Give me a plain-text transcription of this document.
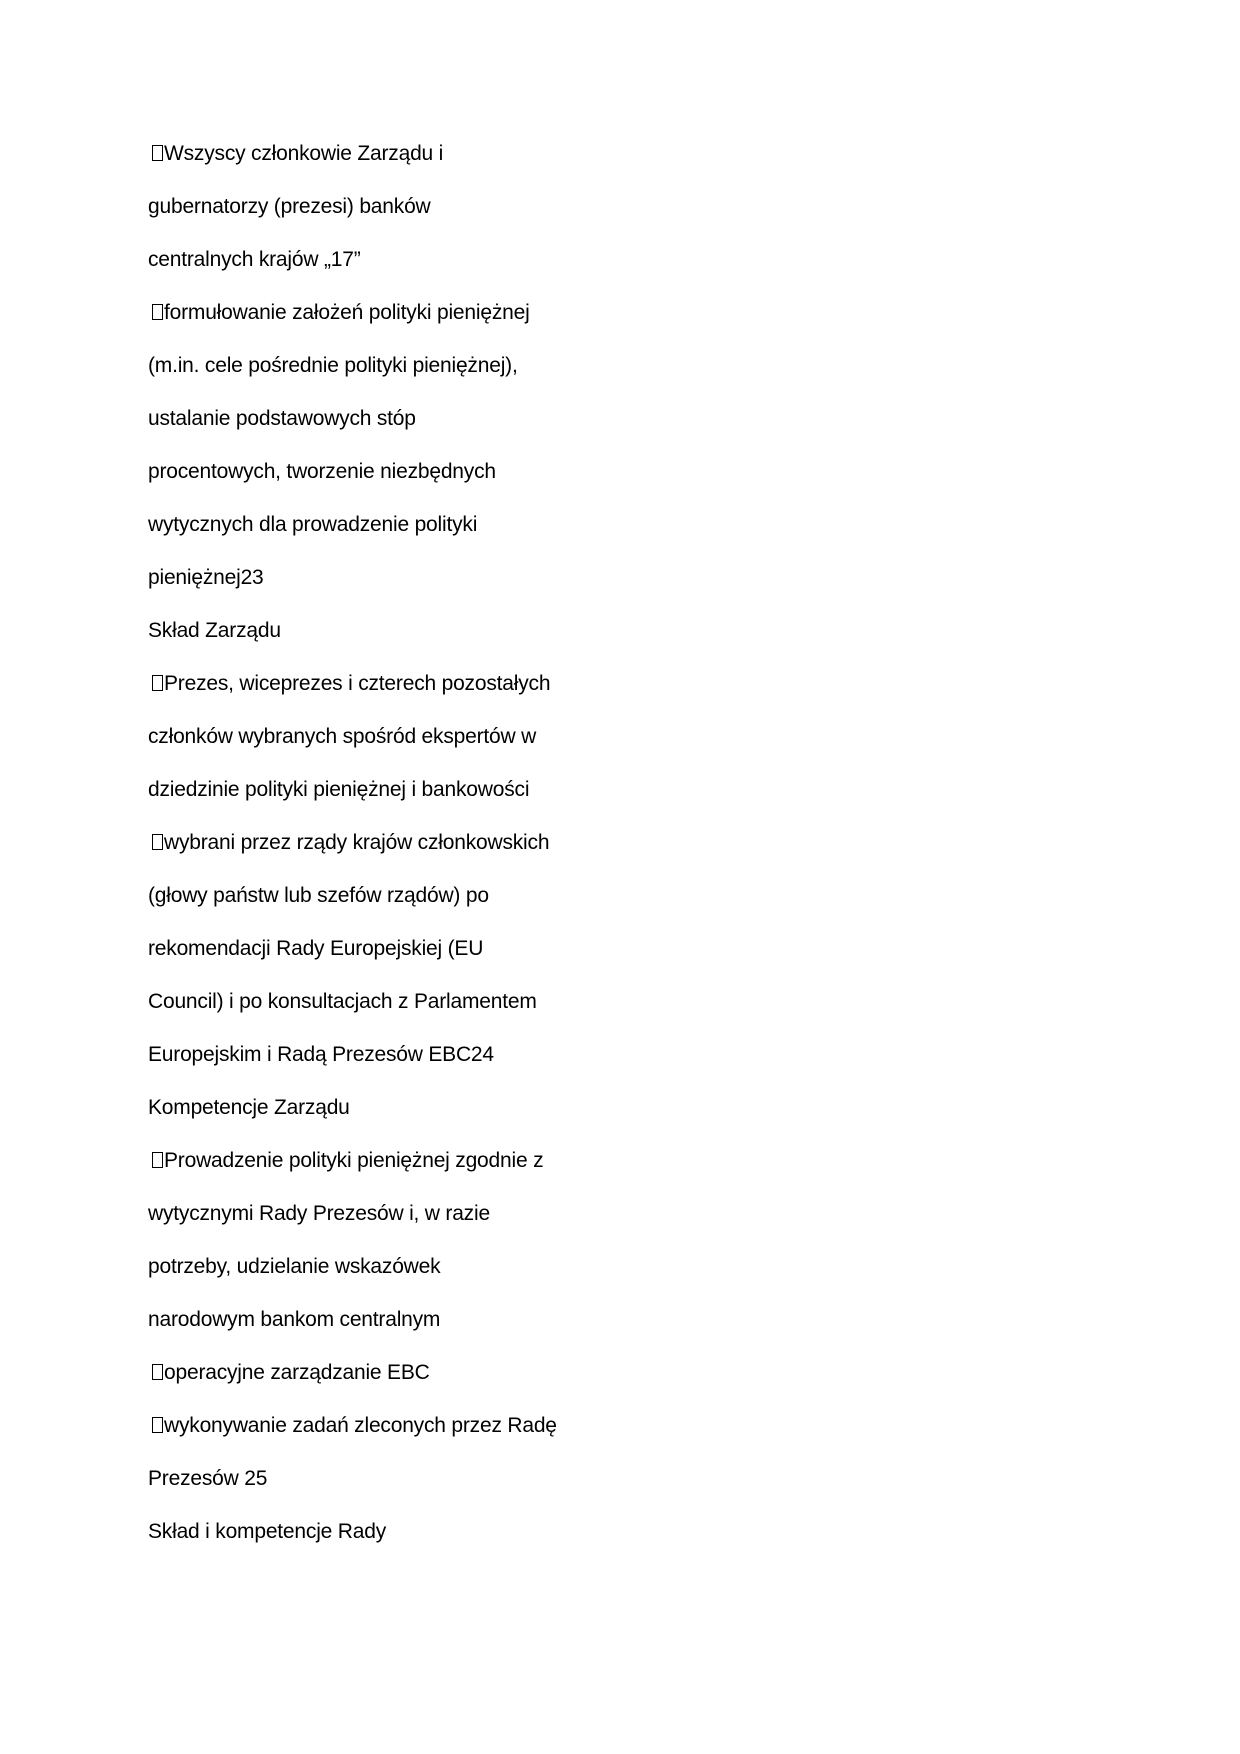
Wszyscy członkowie Zarządu i
gubernatorzy (prezesi) banków
centralnych krajów „17”
formułowanie założeń polityki pieniężnej
(m.in. cele pośrednie polityki pieniężnej),
ustalanie podstawowych stóp
procentowych, tworzenie niezbędnych
wytycznych dla prowadzenie polityki
pieniężnej23
Skład Zarządu
Prezes, wiceprezes i czterech pozostałych
członków wybranych spośród ekspertów w
dziedzinie polityki pieniężnej i bankowości
wybrani przez rządy krajów członkowskich
(głowy państw lub szefów rządów) po
rekomendacji Rady Europejskiej (EU
Council) i po konsultacjach z Parlamentem
Europejskim i Radą Prezesów EBC24
Kompetencje Zarządu
Prowadzenie polityki pieniężnej zgodnie z
wytycznymi Rady Prezesów i, w razie
potrzeby, udzielanie wskazówek
narodowym bankom centralnym
operacyjne zarządzanie EBC
wykonywanie zadań zleconych przez Radę
Prezesów 25
Skład i kompetencje Rady
